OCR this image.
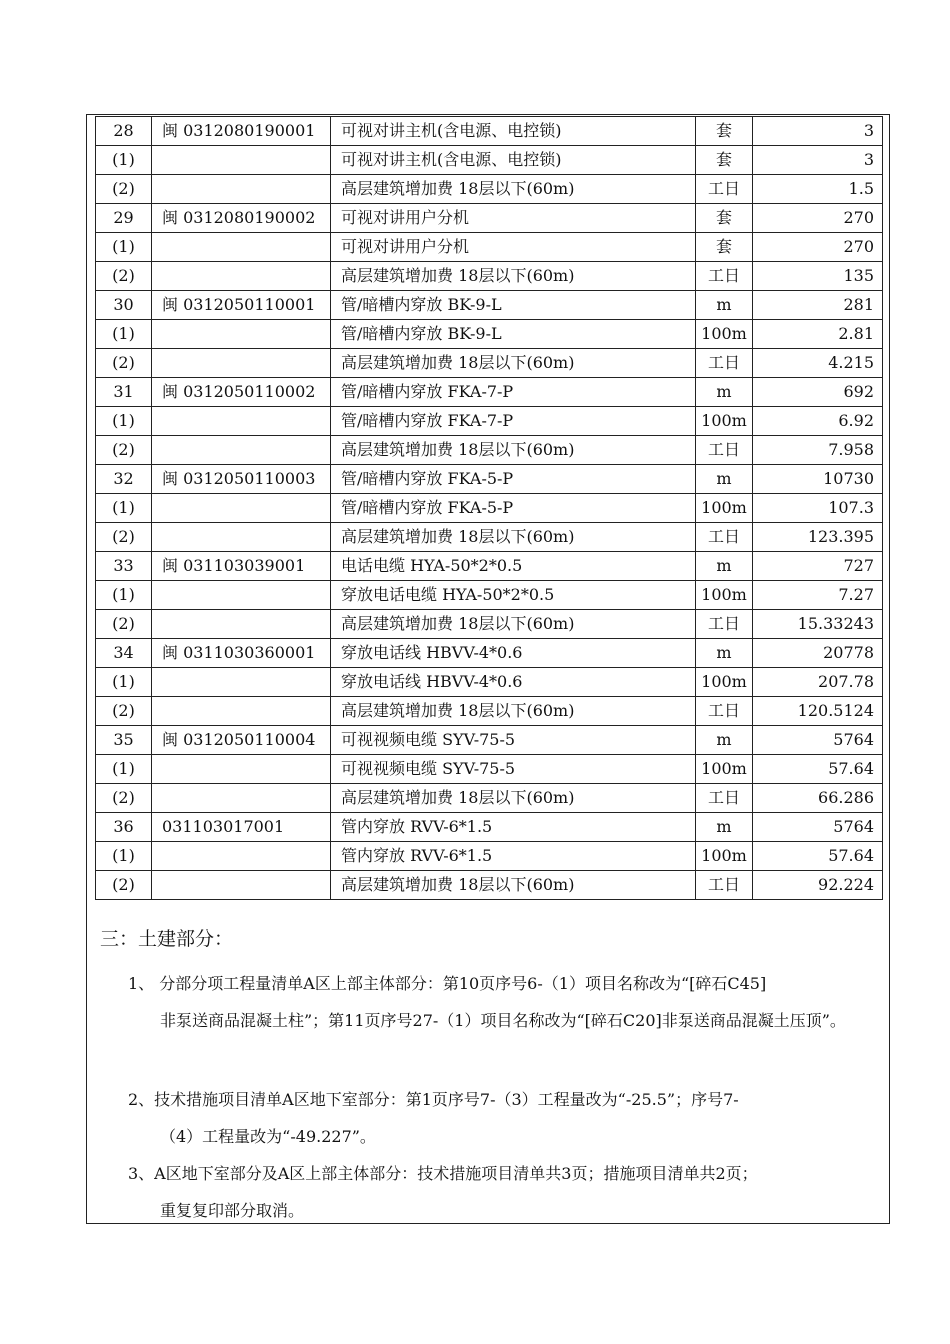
28	闽 0312080190001	可视对讲主机(含电源、电控锁)	套	3
(1)		可视对讲主机(含电源、电控锁)	套	3
(2)		高层建筑增加费 18层以下(60m)	工日	1.5
29	闽 0312080190002	可视对讲用户分机	套	270
(1)		可视对讲用户分机	套	270
(2)		高层建筑增加费 18层以下(60m)	工日	135
30	闽 0312050110001	管/暗槽内穿放 BK-9-L	m	281
(1)		管/暗槽内穿放 BK-9-L	100m	2.81
(2)		高层建筑增加费 18层以下(60m)	工日	4.215
31	闽 0312050110002	管/暗槽内穿放 FKA-7-P	m	692
(1)		管/暗槽内穿放 FKA-7-P	100m	6.92
(2)		高层建筑增加费 18层以下(60m)	工日	7.958
32	闽 0312050110003	管/暗槽内穿放 FKA-5-P	m	10730
(1)		管/暗槽内穿放 FKA-5-P	100m	107.3
(2)		高层建筑增加费 18层以下(60m)	工日	123.395
33	闽 031103039001	电话电缆 HYA-50*2*0.5	m	727
(1)		穿放电话电缆 HYA-50*2*0.5	100m	7.27
(2)		高层建筑增加费 18层以下(60m)	工日	15.33243
34	闽 0311030360001	穿放电话线 HBVV-4*0.6	m	20778
(1)		穿放电话线 HBVV-4*0.6	100m	207.78
(2)		高层建筑增加费 18层以下(60m)	工日	120.5124
35	闽 0312050110004	可视视频电缆 SYV-75-5	m	5764
(1)		可视视频电缆 SYV-75-5	100m	57.64
(2)		高层建筑增加费 18层以下(60m)	工日	66.286
36	031103017001	管内穿放 RVV-6*1.5	m	5764
(1)		管内穿放 RVV-6*1.5	100m	57.64
(2)		高层建筑增加费 18层以下(60m)	工日	92.224
三：土建部分：
1、 分部分项工程量清单A区上部主体部分：第10页序号6-（1）项目名称改为“[碎石C45]
非泵送商品混凝土柱”；第11页序号27-（1）项目名称改为“[碎石C20]非泵送商品混凝土压顶”。
2、技术措施项目清单A区地下室部分：第1页序号7-（3）工程量改为“-25.5”；序号7-
（4）工程量改为“-49.227”。
3、A区地下室部分及A区上部主体部分：技术措施项目清单共3页；措施项目清单共2页；
重复复印部分取消。
